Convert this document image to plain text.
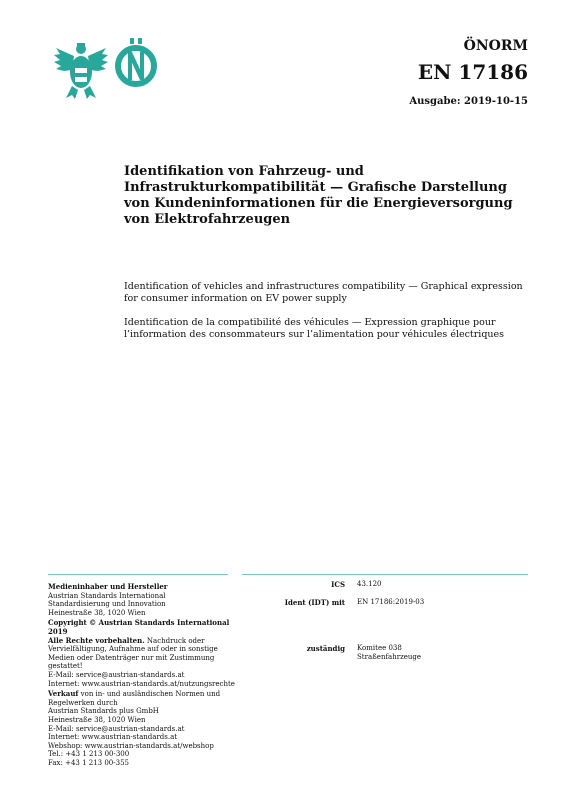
ÖNORM
EN 17186
Ausgabe: 2019-10-15
Identifikation von Fahrzeug- und Infrastrukturkompatibilität — Grafische Darstellung von Kundeninformationen für die Energieversorgung von Elektrofahrzeugen
Identification of vehicles and infrastructures compatibility — Graphical expression for consumer information on EV power supply
Identification de la compatibilité des véhicules — Expression graphique pour l’information des consommateurs sur l’alimentation pour véhicules électriques

Medieninhaber und Hersteller
Austrian Standards International
Standardisierung und Innovation
Heinestraße 38, 1020 Wien

Copyright © Austrian Standards International 2019
Alle Rechte vorbehalten. Nachdruck oder Vervielfältigung, Aufnahme auf oder in sonstige Medien oder Datenträger nur mit Zustimmung gestattet!
E-Mail: service@austrian-standards.at
Internet: www.austrian-standards.at/nutzungsrechte

Verkauf von in- und ausländischen Normen und Regelwerken durch
Austrian Standards plus GmbH
Heinestraße 38, 1020 Wien
E-Mail: service@austrian-standards.at
Internet: www.austrian-standards.at
Webshop: www.austrian-standards.at/webshop
Tel.: +43 1 213 00-300
Fax: +43 1 213 00-355

ICS 43.120
Ident (IDT) mit EN 17186:2019-03
zuständig Komitee 038
Straßenfahrzeuge
